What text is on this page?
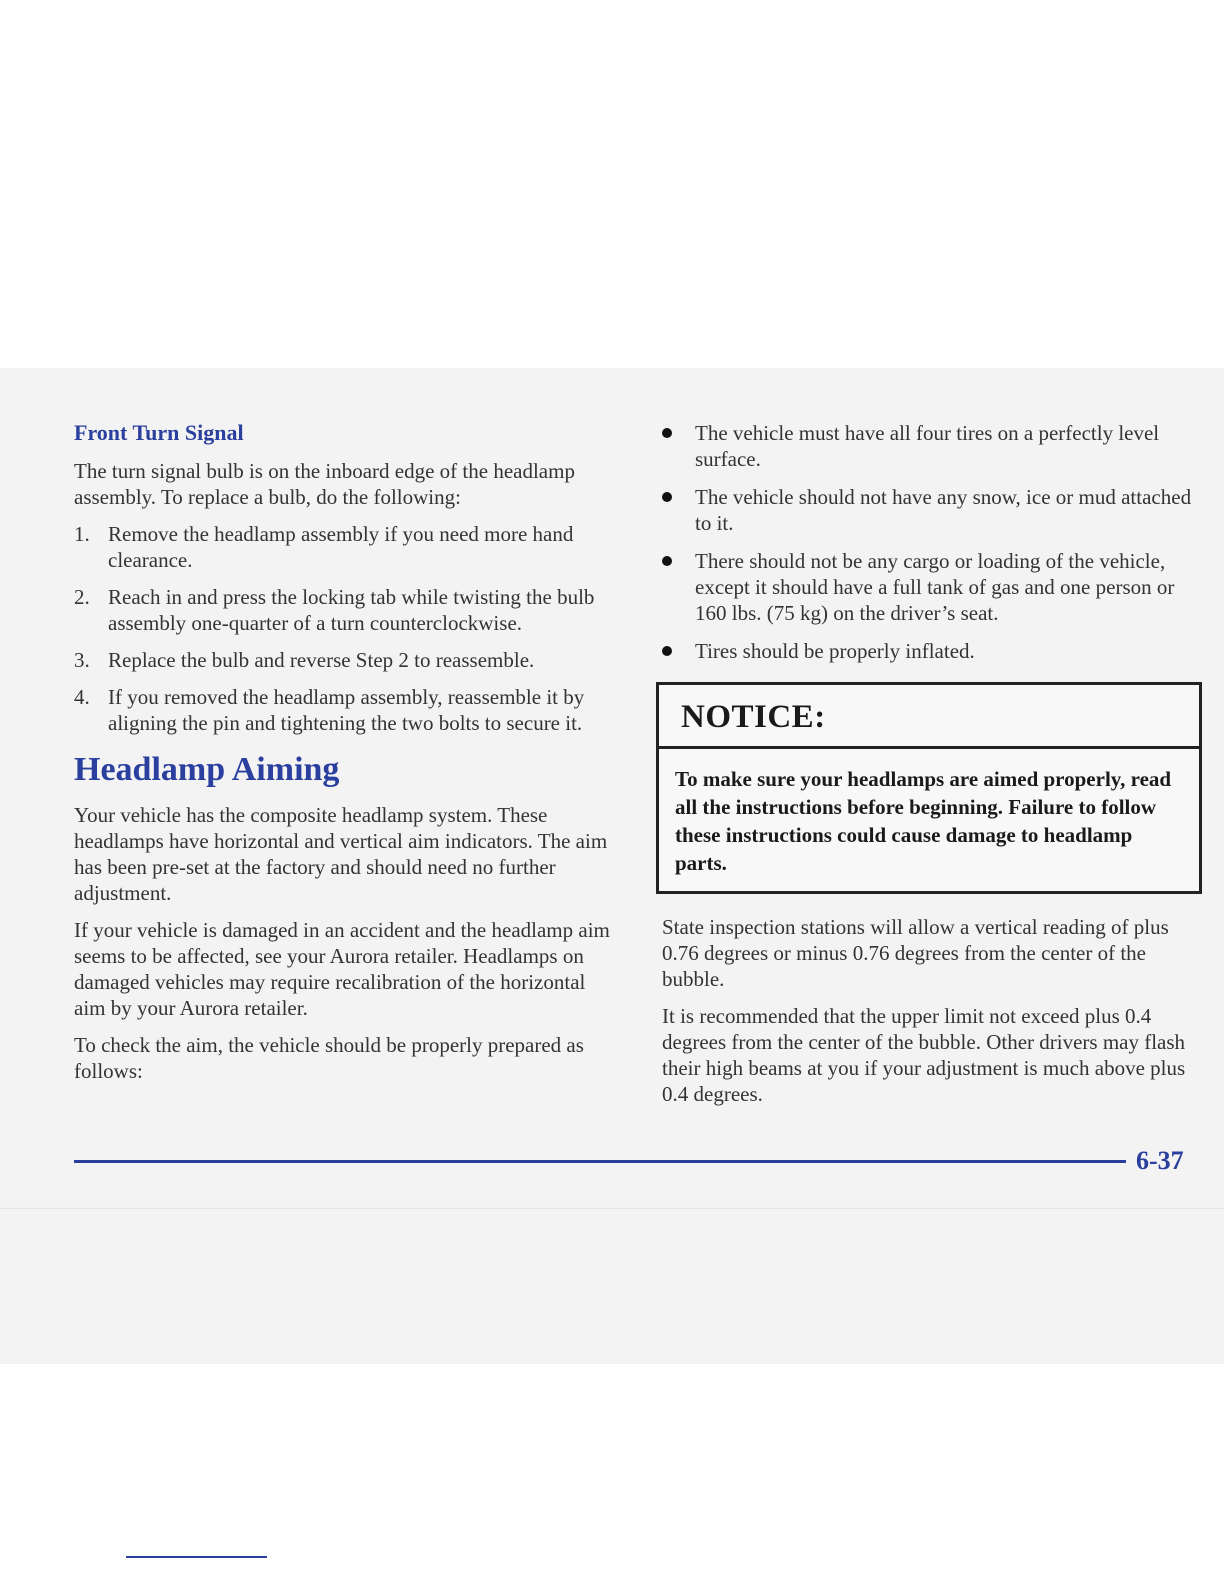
Front Turn Signal

The turn signal bulb is on the inboard edge of the headlamp assembly. To replace a bulb, do the following:

1. Remove the headlamp assembly if you need more hand clearance.
2. Reach in and press the locking tab while twisting the bulb assembly one-quarter of a turn counterclockwise.
3. Replace the bulb and reverse Step 2 to reassemble.
4. If you removed the headlamp assembly, reassemble it by aligning the pin and tightening the two bolts to secure it.
Headlamp Aiming

Your vehicle has the composite headlamp system. These headlamps have horizontal and vertical aim indicators. The aim has been pre-set at the factory and should need no further adjustment.

If your vehicle is damaged in an accident and the headlamp aim seems to be affected, see your Aurora retailer. Headlamps on damaged vehicles may require recalibration of the horizontal aim by your Aurora retailer.

To check the aim, the vehicle should be properly prepared as follows:

The vehicle must have all four tires on a perfectly level surface.
The vehicle should not have any snow, ice or mud attached to it.
There should not be any cargo or loading of the vehicle, except it should have a full tank of gas and one person or 160 lbs. (75 kg) on the driver’s seat.
Tires should be properly inflated.
NOTICE:
To make sure your headlamps are aimed properly, read all the instructions before beginning. Failure to follow these instructions could cause damage to headlamp parts.

State inspection stations will allow a vertical reading of plus 0.76 degrees or minus 0.76 degrees from the center of the bubble.

It is recommended that the upper limit not exceed plus 0.4 degrees from the center of the bubble. Other drivers may flash their high beams at you if your adjustment is much above plus 0.4 degrees.

6-37
